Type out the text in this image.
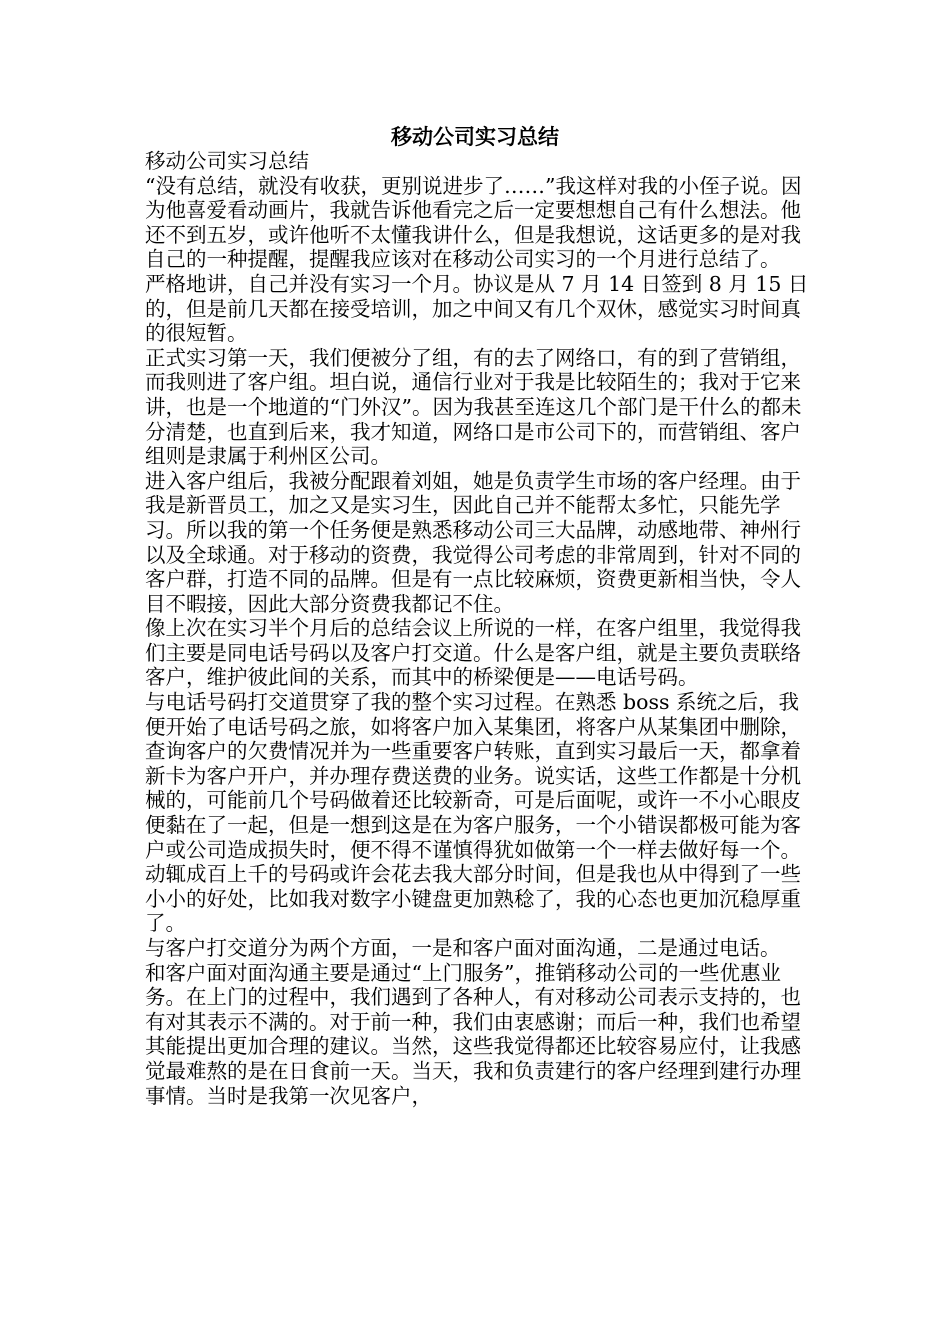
移动公司实习总结

移动公司实习总结

“没有总结，就没有收获，更别说进步了……”我这样对我的小侄子说。因为他喜爱看动画片，我就告诉他看完之后一定要想想自己有什么想法。他还不到五岁，或许他听不太懂我讲什么，但是我想说，这话更多的是对我自己的一种提醒，提醒我应该对在移动公司实习的一个月进行总结了。

严格地讲，自己并没有实习一个月。协议是从 7 月 14 日签到 8 月 15 日的，但是前几天都在接受培训，加之中间又有几个双休，感觉实习时间真的很短暂。

正式实习第一天，我们便被分了组，有的去了网络口，有的到了营销组，而我则进了客户组。坦白说，通信行业对于我是比较陌生的；我对于它来讲，也是一个地道的“门外汉”。因为我甚至连这几个部门是干什么的都未分清楚，也直到后来，我才知道，网络口是市公司下的，而营销组、客户组则是隶属于利州区公司。

进入客户组后，我被分配跟着刘姐，她是负责学生市场的客户经理。由于我是新晋员工，加之又是实习生，因此自己并不能帮太多忙，只能先学习。所以我的第一个任务便是熟悉移动公司三大品牌，动感地带、神州行以及全球通。对于移动的资费，我觉得公司考虑的非常周到，针对不同的客户群，打造不同的品牌。但是有一点比较麻烦，资费更新相当快，令人目不暇接，因此大部分资费我都记不住。

像上次在实习半个月后的总结会议上所说的一样，在客户组里，我觉得我们主要是同电话号码以及客户打交道。什么是客户组，就是主要负责联络客户，维护彼此间的关系，而其中的桥梁便是——电话号码。

与电话号码打交道贯穿了我的整个实习过程。在熟悉 boss 系统之后，我便开始了电话号码之旅，如将客户加入某集团，将客户从某集团中删除，查询客户的欠费情况并为一些重要客户转账，直到实习最后一天，都拿着新卡为客户开户，并办理存费送费的业务。说实话，这些工作都是十分机械的，可能前几个号码做着还比较新奇，可是后面呢，或许一不小心眼皮便黏在了一起，但是一想到这是在为客户服务，一个小错误都极可能为客户或公司造成损失时，便不得不谨慎得犹如做第一个一样去做好每一个。动辄成百上千的号码或许会花去我大部分时间，但是我也从中得到了一些小小的好处，比如我对数字小键盘更加熟稔了，我的心态也更加沉稳厚重了。

与客户打交道分为两个方面，一是和客户面对面沟通，二是通过电话。

和客户面对面沟通主要是通过“上门服务”，推销移动公司的一些优惠业务。在上门的过程中，我们遇到了各种人，有对移动公司表示支持的，也有对其表示不满的。对于前一种，我们由衷感谢；而后一种，我们也希望其能提出更加合理的建议。当然，这些我觉得都还比较容易应付，让我感觉最难熬的是在日食前一天。当天，我和负责建行的客户经理到建行办理事情。当时是我第一次见客户，
